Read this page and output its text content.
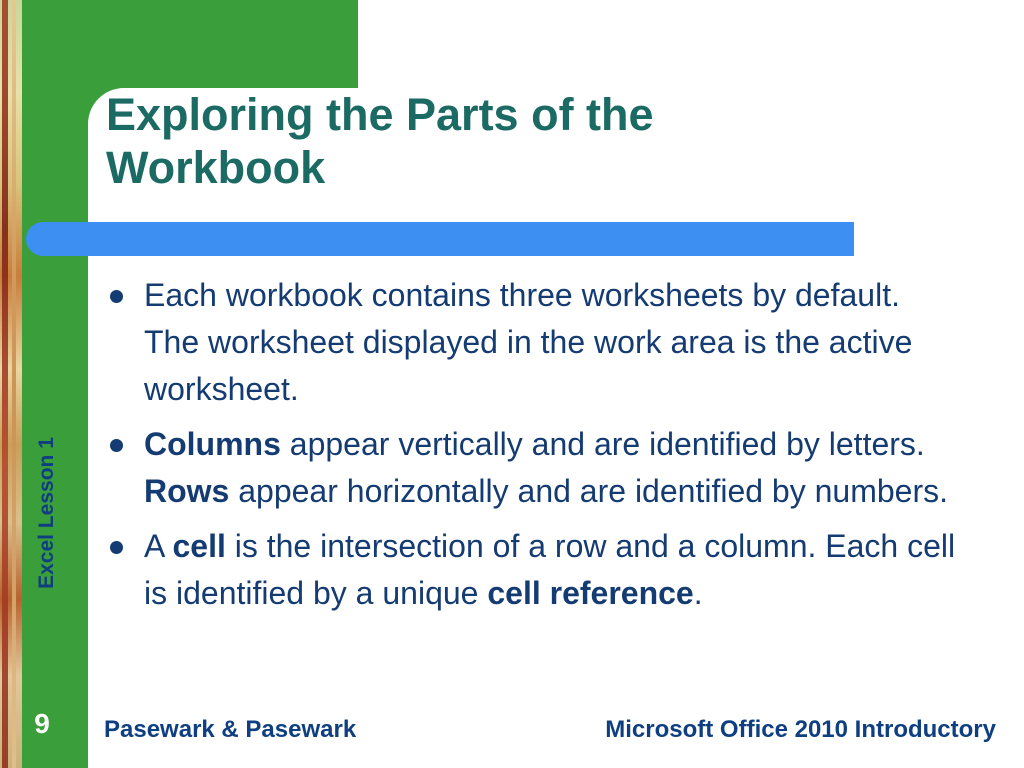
Exploring the Parts of the Workbook
Excel Lesson 1
Each workbook contains three worksheets by default. The worksheet displayed in the work area is the active worksheet.
Columns appear vertically and are identified by letters. Rows appear horizontally and are identified by numbers.
A cell is the intersection of a row and a column. Each cell is identified by a unique cell reference.
9	Pasewark & Pasewark	Microsoft Office 2010 Introductory
